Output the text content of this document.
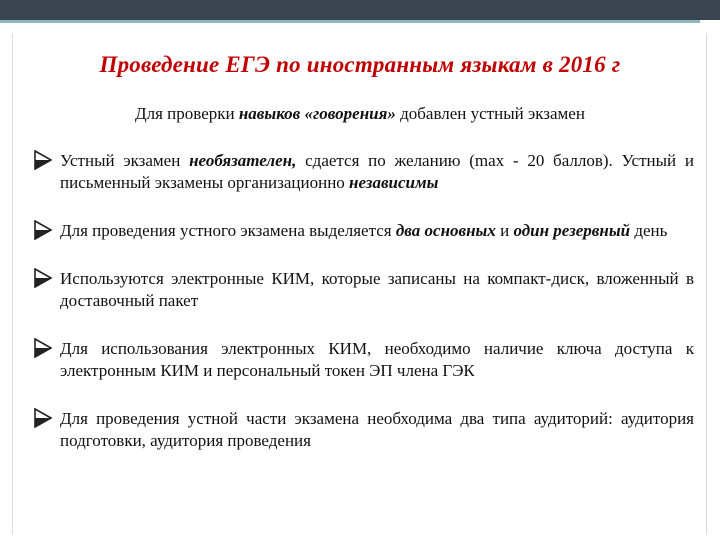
Проведение ЕГЭ по иностранным языкам в 2016 г
Для проверки навыков «говорения» добавлен устный экзамен
Устный экзамен необязателен, сдается по желанию (max - 20 баллов). Устный и письменный экзамены организационно независимы
Для проведения устного экзамена выделяется два основных и один резервный день
Используются электронные КИМ, которые записаны на компакт-диск, вложенный в доставочный пакет
Для использования электронных КИМ, необходимо наличие ключа доступа к электронным КИМ и персональный токен ЭП члена ГЭК
Для проведения устной части экзамена необходима два типа аудиторий: аудитория подготовки, аудитория проведения
